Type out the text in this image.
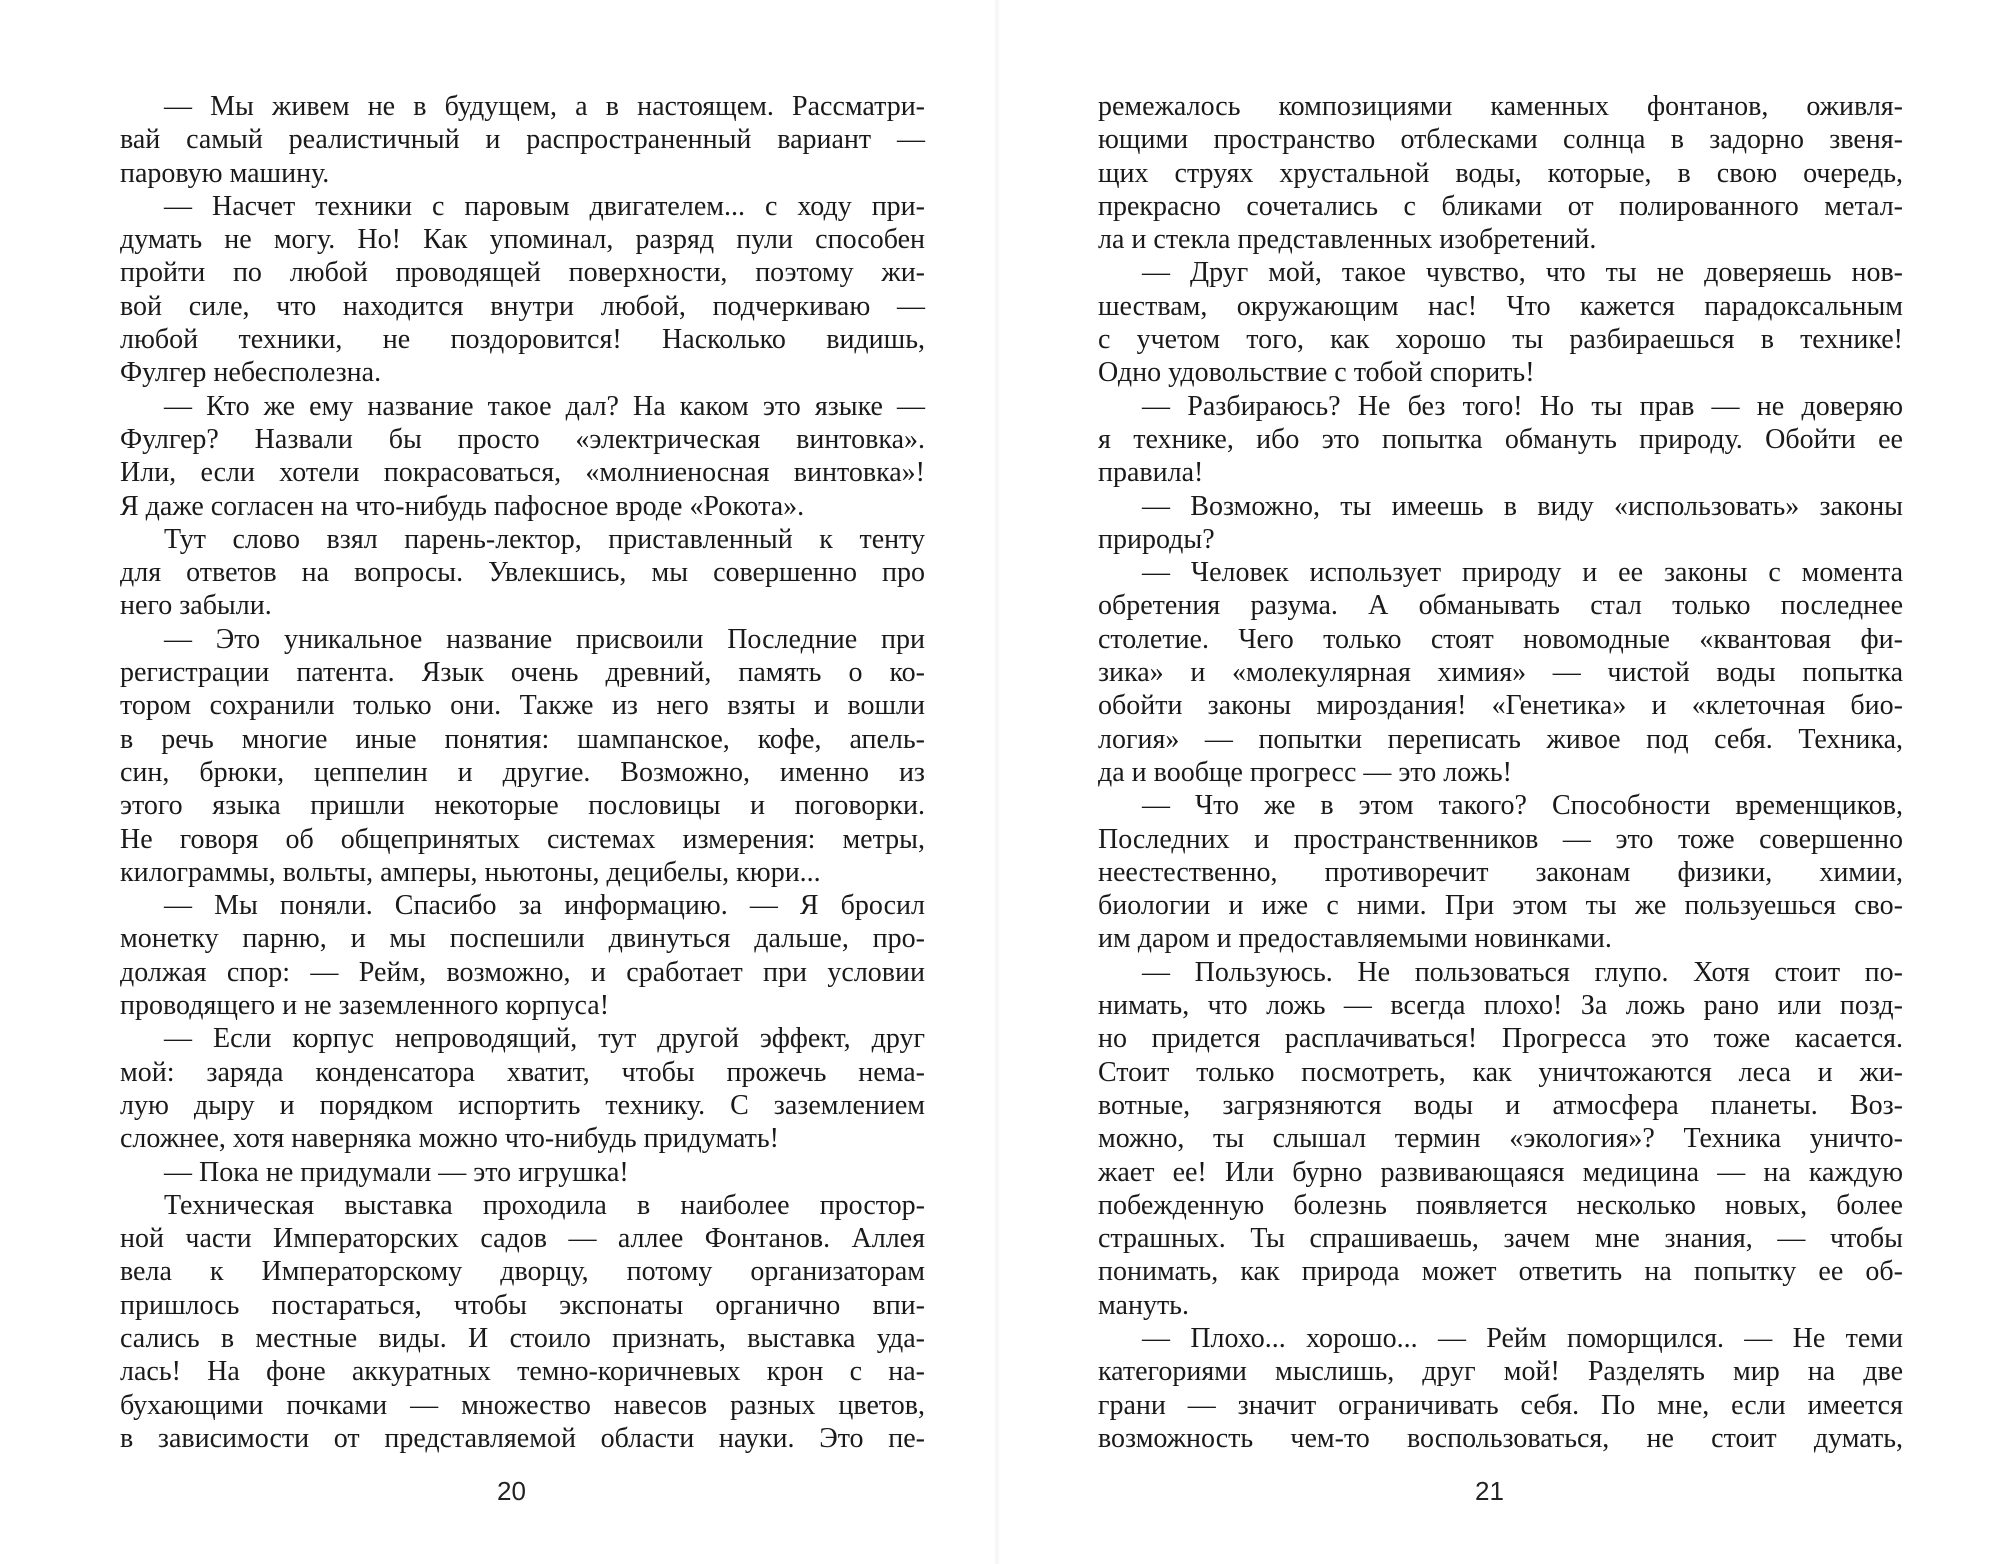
— Мы живем не в будущем, а в настоящем. Рассматри-
вай самый реалистичный и распространенный вариант —
паровую машину.
— Насчет техники с паровым двигателем... с ходу при-
думать не могу. Но! Как упоминал, разряд пули способен
пройти по любой проводящей поверхности, поэтому жи-
вой силе, что находится внутри любой, подчеркиваю —
любой техники, не поздоровится! Насколько видишь,
Фулгер небесполезна.
— Кто же ему название такое дал? На каком это языке —
Фулгер? Назвали бы просто «электрическая винтовка».
Или, если хотели покрасоваться, «молниеносная винтовка»!
Я даже согласен на что-нибудь пафосное вроде «Рокота».
Тут слово взял парень-лектор, приставленный к тенту
для ответов на вопросы. Увлекшись, мы совершенно про
него забыли.
— Это уникальное название присвоили Последние при
регистрации патента. Язык очень древний, память о ко-
тором сохранили только они. Также из него взяты и вошли
в речь многие иные понятия: шампанское, кофе, апель-
син, брюки, цеппелин и другие. Возможно, именно из
этого языка пришли некоторые пословицы и поговорки.
Не говоря об общепринятых системах измерения: метры,
килограммы, вольты, амперы, ньютоны, децибелы, кюри...
— Мы поняли. Спасибо за информацию. — Я бросил
монетку парню, и мы поспешили двинуться дальше, про-
должая спор: — Рейм, возможно, и сработает при условии
проводящего и не заземленного корпуса!
— Если корпус непроводящий, тут другой эффект, друг
мой: заряда конденсатора хватит, чтобы прожечь нема-
лую дыру и порядком испортить технику. С заземлением
сложнее, хотя наверняка можно что-нибудь придумать!
— Пока не придумали — это игрушка!
Техническая выставка проходила в наиболее простор-
ной части Императорских садов — аллее Фонтанов. Аллея
вела к Императорскому дворцу, потому организаторам
пришлось постараться, чтобы экспонаты органично впи-
сались в местные виды. И стоило признать, выставка уда-
лась! На фоне аккуратных темно-коричневых крон с на-
бухающими почками — множество навесов разных цветов,
в зависимости от представляемой области науки. Это пе-
20
ремежалось композициями каменных фонтанов, оживля-
ющими пространство отблесками солнца в задорно звеня-
щих струях хрустальной воды, которые, в свою очередь,
прекрасно сочетались с бликами от полированного метал-
ла и стекла представленных изобретений.
— Друг мой, такое чувство, что ты не доверяешь нов-
шествам, окружающим нас! Что кажется парадоксальным
с учетом того, как хорошо ты разбираешься в технике!
Одно удовольствие с тобой спорить!
— Разбираюсь? Не без того! Но ты прав — не доверяю
я технике, ибо это попытка обмануть природу. Обойти ее
правила!
— Возможно, ты имеешь в виду «использовать» законы
природы?
— Человек использует природу и ее законы с момента
обретения разума. А обманывать стал только последнее
столетие. Чего только стоят новомодные «квантовая фи-
зика» и «молекулярная химия» — чистой воды попытка
обойти законы мироздания! «Генетика» и «клеточная био-
логия» — попытки переписать живое под себя. Техника,
да и вообще прогресс — это ложь!
— Что же в этом такого? Способности временщиков,
Последних и пространственников — это тоже совершенно
неестественно, противоречит законам физики, химии,
биологии и иже с ними. При этом ты же пользуешься сво-
им даром и предоставляемыми новинками.
— Пользуюсь. Не пользоваться глупо. Хотя стоит по-
нимать, что ложь — всегда плохо! За ложь рано или позд-
но придется расплачиваться! Прогресса это тоже касается.
Стоит только посмотреть, как уничтожаются леса и жи-
вотные, загрязняются воды и атмосфера планеты. Воз-
можно, ты слышал термин «экология»? Техника уничто-
жает ее! Или бурно развивающаяся медицина — на каждую
побежденную болезнь появляется несколько новых, более
страшных. Ты спрашиваешь, зачем мне знания, — чтобы
понимать, как природа может ответить на попытку ее об-
мануть.
— Плохо... хорошо... — Рейм поморщился. — Не теми
категориями мыслишь, друг мой! Разделять мир на две
грани — значит ограничивать себя. По мне, если имеется
возможность чем-то воспользоваться, не стоит думать,
21
